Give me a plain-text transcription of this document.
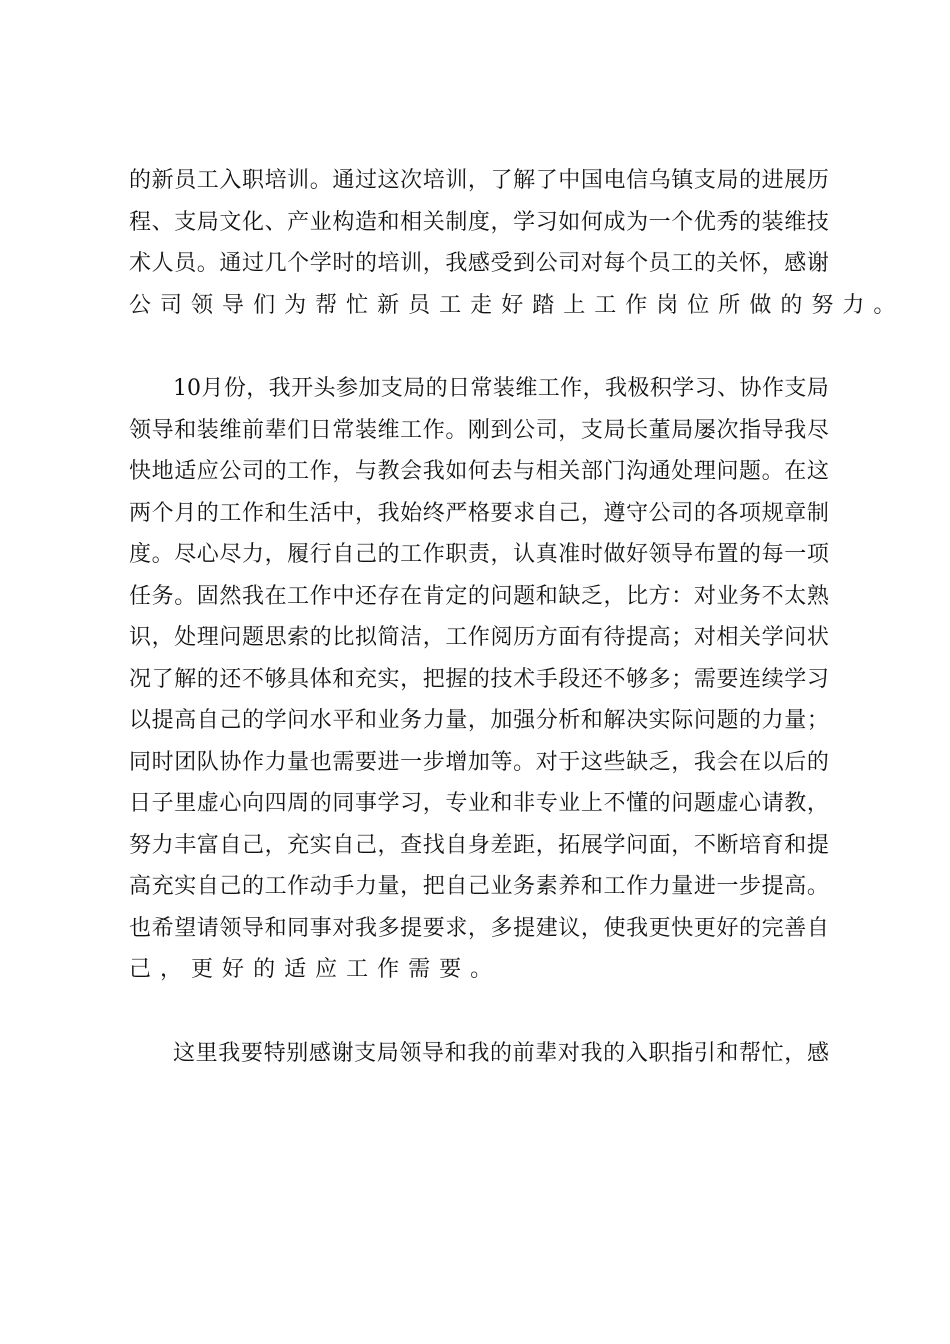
的 新 员 工 入 职 培 训 。 通 过 这 次 培 训 ， 了 解 了 中 国 电 信 乌 镇 支 局 的 进 展 历
程 、 支 局 文 化 、 产 业 构 造 和 相 关 制 度 ， 学 习 如 何 成 为 一 个 优 秀 的 装 维 技
术 人 员 。 通 过 几 个 学 时 的 培 训 ， 我 感 受 到 公 司 对 每 个 员 工 的 关 怀 ， 感 谢
公 司 领 导 们 为 帮 忙 新 员 工 走 好 踏 上 工 作 岗 位 所 做 的 努 力 。
10 月 份 ， 我 开 头 参 加 支 局 的 日 常 装 维 工 作 ， 我 极 积 学 习 、 协 作 支 局
领 导 和 装 维 前 辈 们 日 常 装 维 工 作 。 刚 到 公 司 ， 支 局 长 董 局 屡 次 指 导 我 尽
快 地 适 应 公 司 的 工 作 ， 与 教 会 我 如 何 去 与 相 关 部 门 沟 通 处 理 问 题 。 在 这
两 个 月 的 工 作 和 生 活 中 ， 我 始 终 严 格 要 求 自 己 ， 遵 守 公 司 的 各 项 规 章 制
度 。 尽 心 尽 力 ， 履 行 自 己 的 工 作 职 责 ， 认 真 准 时 做 好 领 导 布 置 的 每 一 项
任 务 。 固 然 我 在 工 作 中 还 存 在 肯 定 的 问 题 和 缺 乏 ， 比 方 ： 对 业 务 不 太 熟
识 ， 处 理 问 题 思 索 的 比 拟 简 洁 ， 工 作 阅 历 方 面 有 待 提 高 ； 对 相 关 学 问 状
况 了 解 的 还 不 够 具 体 和 充 实 ， 把 握 的 技 术 手 段 还 不 够 多 ； 需 要 连 续 学 习
以 提 高 自 己 的 学 问 水 平 和 业 务 力 量 ， 加 强 分 析 和 解 决 实 际 问 题 的 力 量 ；
同 时 团 队 协 作 力 量 也 需 要 进 一 步 增 加 等 。 对 于 这 些 缺 乏 ， 我 会 在 以 后 的
日 子 里 虚 心 向 四 周 的 同 事 学 习 ， 专 业 和 非 专 业 上 不 懂 的 问 题 虚 心 请 教 ，
努 力 丰 富 自 己 ， 充 实 自 己 ， 查 找 自 身 差 距 ， 拓 展 学 问 面 ， 不 断 培 育 和 提
高 充 实 自 己 的 工 作 动 手 力 量 ， 把 自 己 业 务 素 养 和 工 作 力 量 进 一 步 提 高 。
也 希 望 请 领 导 和 同 事 对 我 多 提 要 求 ， 多 提 建 议 ， 使 我 更 快 更 好 的 完 善 自
己 ， 更 好 的 适 应 工 作 需 要 。
这 里 我 要 特 别 感 谢 支 局 领 导 和 我 的 前 辈 对 我 的 入 职 指 引 和 帮 忙 ， 感
